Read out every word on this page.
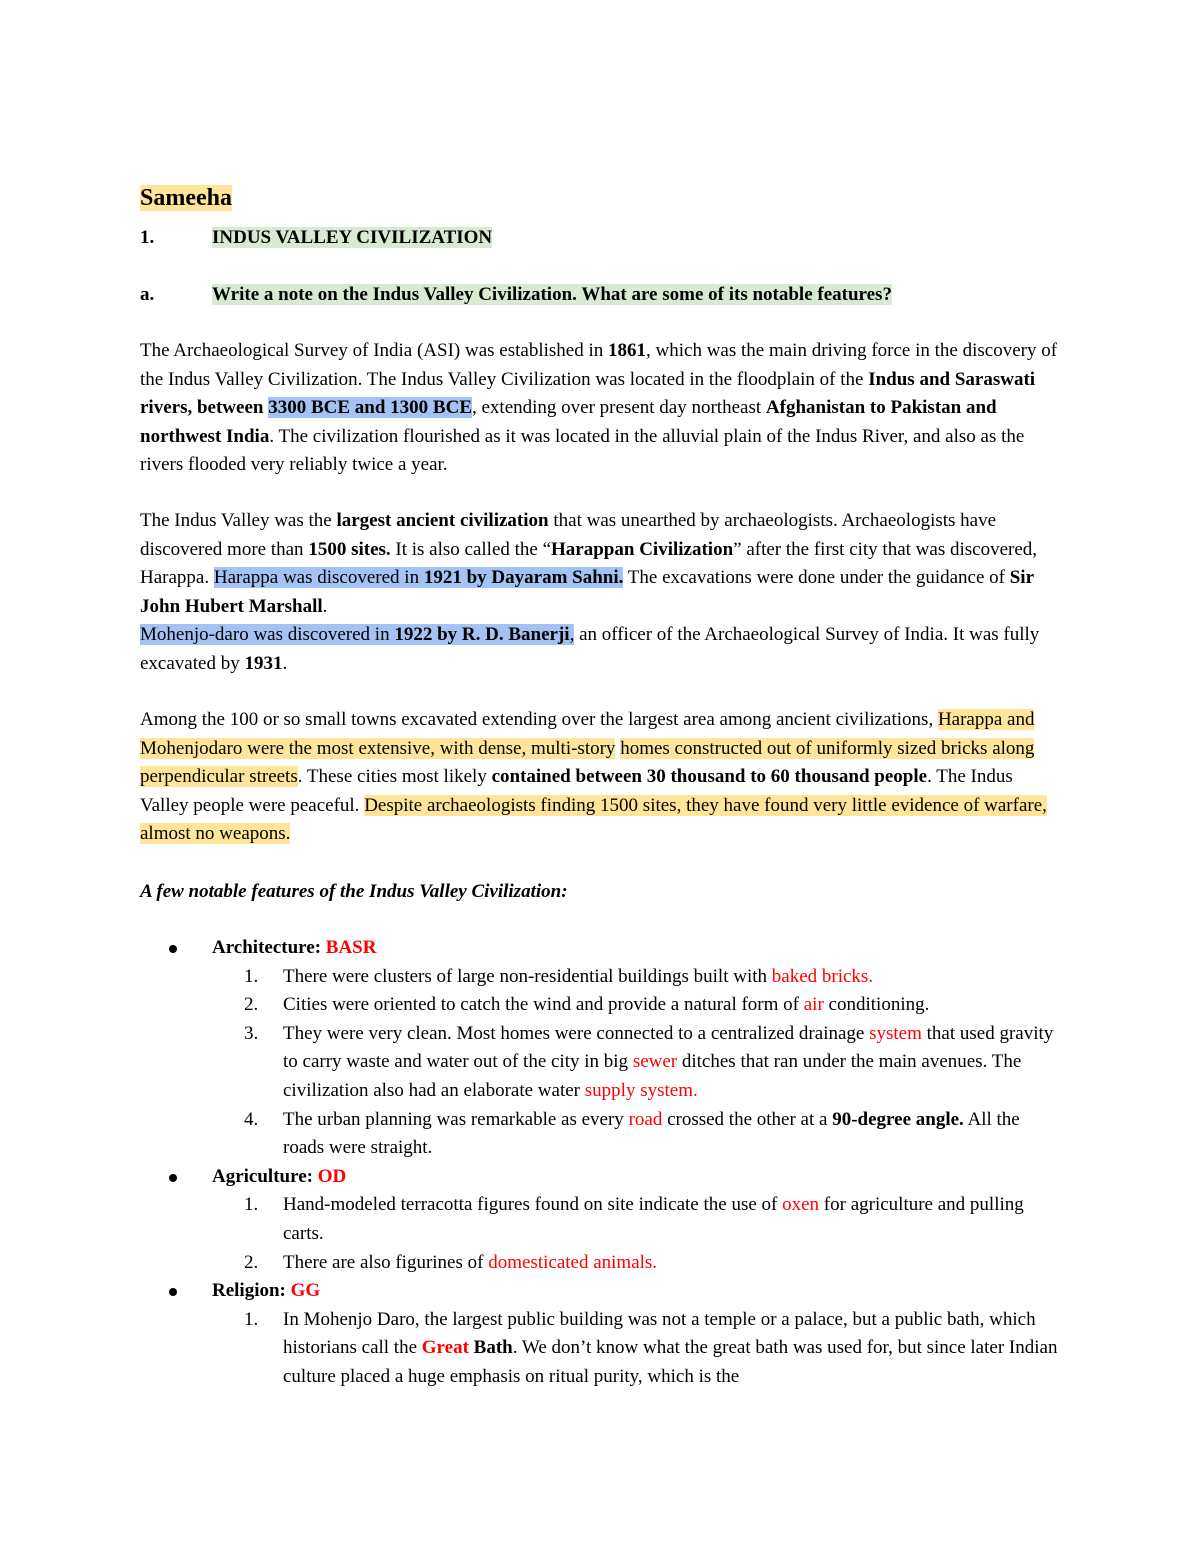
Sameeha
1.	INDUS VALLEY CIVILIZATION
a.	Write a note on the Indus Valley Civilization. What are some of its notable features?
The Archaeological Survey of India (ASI) was established in 1861, which was the main driving force in the discovery of the Indus Valley Civilization. The Indus Valley Civilization was located in the floodplain of the Indus and Saraswati rivers, between 3300 BCE and 1300 BCE, extending over present day northeast Afghanistan to Pakistan and northwest India. The civilization flourished as it was located in the alluvial plain of the Indus River, and also as the rivers flooded very reliably twice a year.
The Indus Valley was the largest ancient civilization that was unearthed by archaeologists. Archaeologists have discovered more than 1500 sites. It is also called the “Harappan Civilization” after the first city that was discovered, Harappa. Harappa was discovered in 1921 by Dayaram Sahni. The excavations were done under the guidance of Sir John Hubert Marshall.
Mohenjo-daro was discovered in 1922 by R. D. Banerji, an officer of the Archaeological Survey of India. It was fully excavated by 1931.
Among the 100 or so small towns excavated extending over the largest area among ancient civilizations, Harappa and Mohenjodaro were the most extensive, with dense, multi-story homes constructed out of uniformly sized bricks along perpendicular streets. These cities most likely contained between 30 thousand to 60 thousand people. The Indus Valley people were peaceful. Despite archaeologists finding 1500 sites, they have found very little evidence of warfare, almost no weapons.
A few notable features of the Indus Valley Civilization:
Architecture: BASR
1. There were clusters of large non-residential buildings built with baked bricks.
2. Cities were oriented to catch the wind and provide a natural form of air conditioning.
3. They were very clean. Most homes were connected to a centralized drainage system that used gravity to carry waste and water out of the city in big sewer ditches that ran under the main avenues. The civilization also had an elaborate water supply system.
4. The urban planning was remarkable as every road crossed the other at a 90-degree angle. All the roads were straight.
Agriculture: OD
1. Hand-modeled terracotta figures found on site indicate the use of oxen for agriculture and pulling carts.
2. There are also figurines of domesticated animals.
Religion: GG
1. In Mohenjo Daro, the largest public building was not a temple or a palace, but a public bath, which historians call the Great Bath. We don’t know what the great bath was used for, but since later Indian culture placed a huge emphasis on ritual purity, which is the
